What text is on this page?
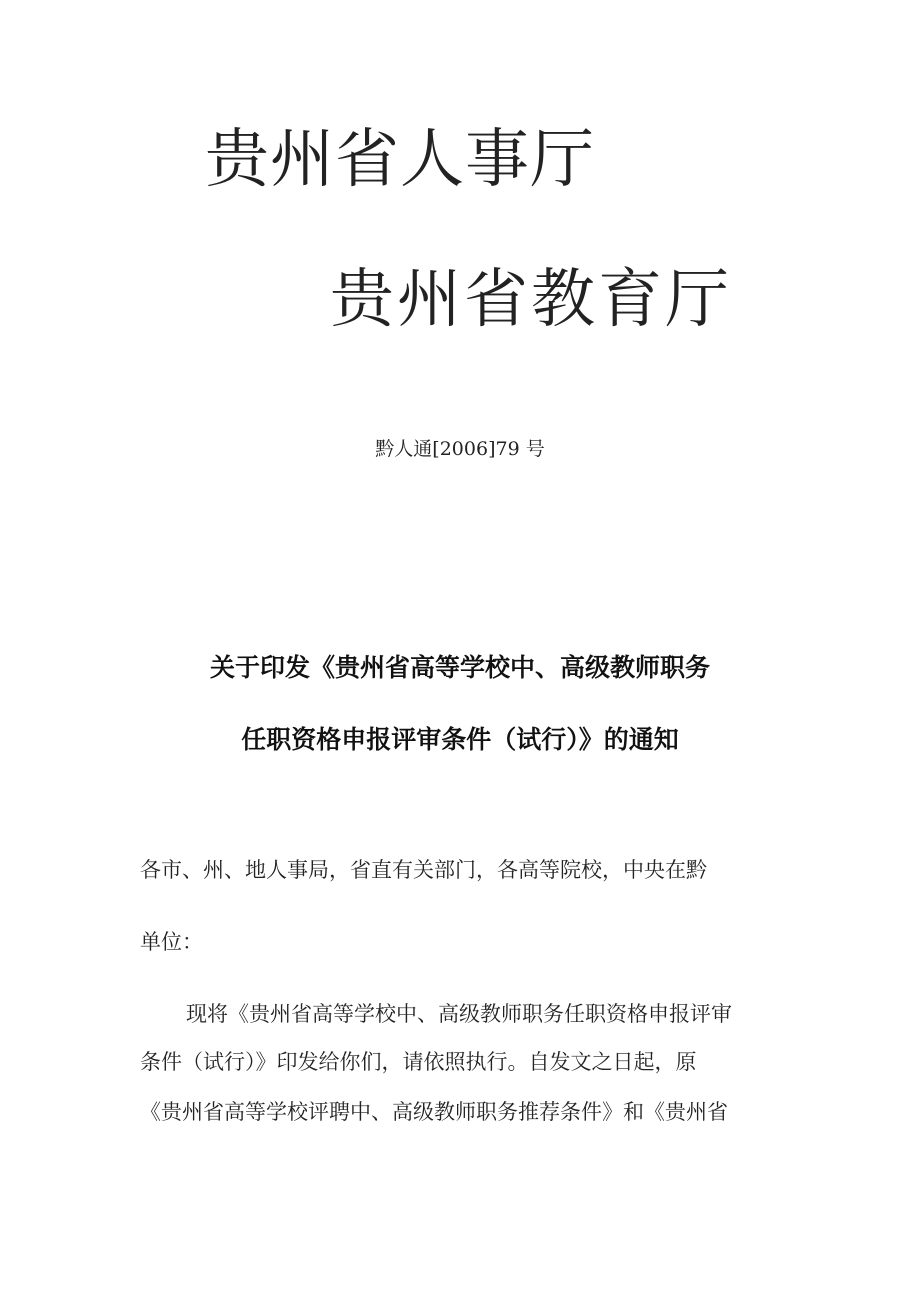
贵州省人事厅
贵州省教育厅
黔人通[2006]79 号
关于印发《贵州省高等学校中、高级教师职务
任职资格申报评审条件（试行）》的通知
各市、州、地人事局，省直有关部门，各高等院校，中央在黔
单位：
现将《贵州省高等学校中、高级教师职务任职资格申报评审
条件（试行）》印发给你们，请依照执行。自发文之日起，原
《贵州省高等学校评聘中、高级教师职务推荐条件》和《贵州省
